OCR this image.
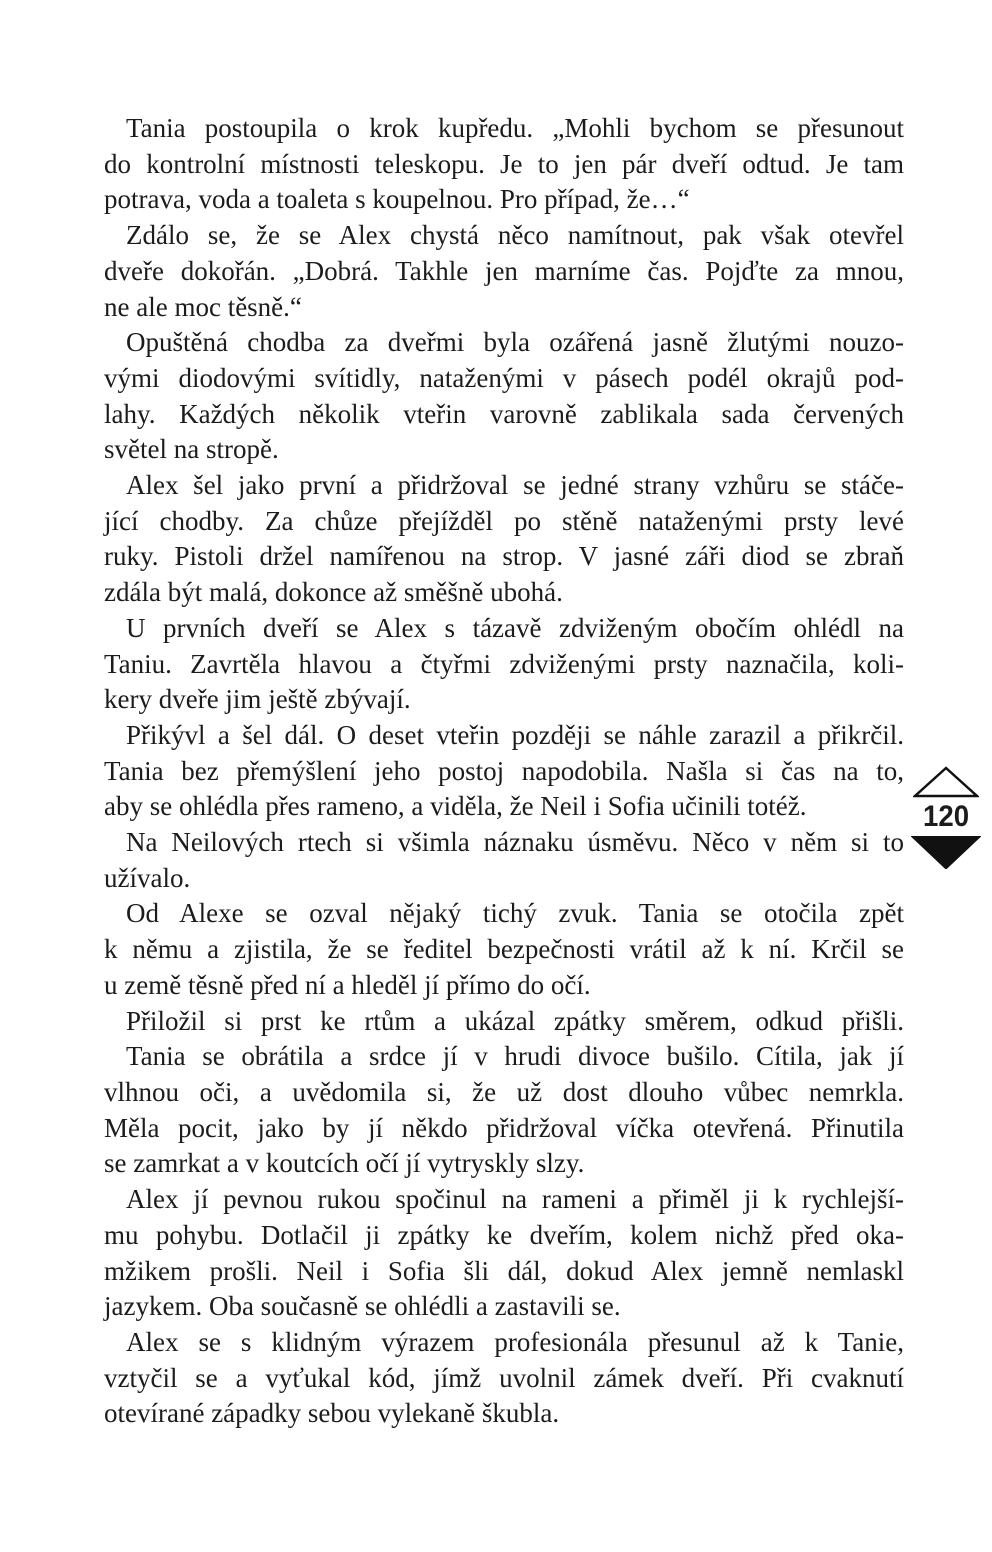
Tania postoupila o krok kupředu. „Mohli bychom se přesunout
do kontrolní místnosti teleskopu. Je to jen pár dveří odtud. Je tam
potrava, voda a toaleta s koupelnou. Pro případ, že…“
Zdálo se, že se Alex chystá něco namítnout, pak však otevřel
dveře dokořán. „Dobrá. Takhle jen marníme čas. Pojďte za mnou,
ne ale moc těsně.“
Opuštěná chodba za dveřmi byla ozářená jasně žlutými nouzo-
vými diodovými svítidly, nataženými v pásech podél okrajů pod-
lahy. Každých několik vteřin varovně zablikala sada červených
světel na stropě.
Alex šel jako první a přidržoval se jedné strany vzhůru se stáče-
jící chodby. Za chůze přejížděl po stěně nataženými prsty levé
ruky. Pistoli držel namířenou na strop. V jasné záři diod se zbraň
zdála být malá, dokonce až směšně ubohá.
U prvních dveří se Alex s tázavě zdviženým obočím ohlédl na
Taniu. Zavrtěla hlavou a čtyřmi zdviženými prsty naznačila, koli-
kery dveře jim ještě zbývají.
Přikývl a šel dál. O deset vteřin později se náhle zarazil a přikrčil.
Tania bez přemýšlení jeho postoj napodobila. Našla si čas na to,
aby se ohlédla přes rameno, a viděla, že Neil i Sofia učinili totéž.
Na Neilových rtech si všimla náznaku úsměvu. Něco v něm si to
užívalo.
Od Alexe se ozval nějaký tichý zvuk. Tania se otočila zpět
k němu a zjistila, že se ředitel bezpečnosti vrátil až k ní. Krčil se
u země těsně před ní a hleděl jí přímo do očí.
Přiložil si prst ke rtům a ukázal zpátky směrem, odkud přišli.
Tania se obrátila a srdce jí v hrudi divoce bušilo. Cítila, jak jí
vlhnou oči, a uvědomila si, že už dost dlouho vůbec nemrkla.
Měla pocit, jako by jí někdo přidržoval víčka otevřená. Přinutila
se zamrkat a v koutcích očí jí vytryskly slzy.
Alex jí pevnou rukou spočinul na rameni a přiměl ji k rychlejší-
mu pohybu. Dotlačil ji zpátky ke dveřím, kolem nichž před oka-
mžikem prošli. Neil i Sofia šli dál, dokud Alex jemně nemlaskl
jazykem. Oba současně se ohlédli a zastavili se.
Alex se s klidným výrazem profesionála přesunul až k Tanie,
vztyčil se a vyťukal kód, jímž uvolnil zámek dveří. Při cvaknutí
otevírané západky sebou vylekaně škubla.
120
